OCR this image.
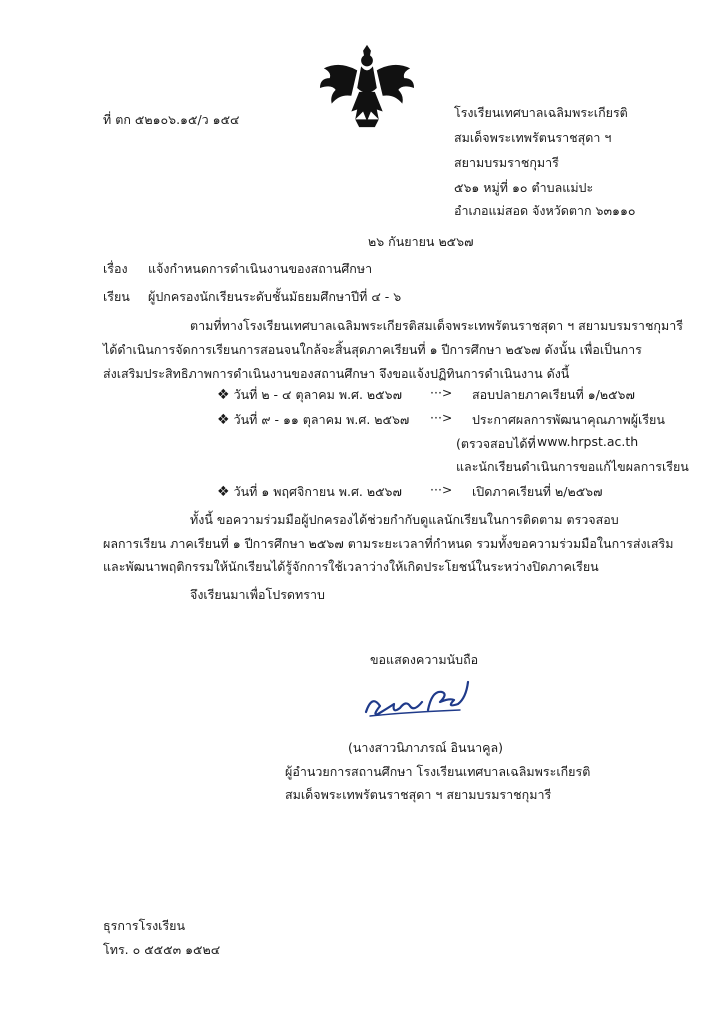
ที่ ตก ๕๒๑๐๖.๑๕/ว ๑๕๔	โรงเรียนเทศบาลเฉลิมพระเกียรติ
สมเด็จพระเทพรัตนราชสุดา ฯ
สยามบรมราชกุมารี
๕๖๑ หมู่ที่ ๑๐ ตำบลแม่ปะ
อำเภอแม่สอด จังหวัดตาก ๖๓๑๑๐
๒๖ กันยายน ๒๕๖๗
เรื่อง แจ้งกำหนดการดำเนินงานของสถานศึกษา
เรียน ผู้ปกครองนักเรียนระดับชั้นมัธยมศึกษาปีที่ ๔ - ๖
ตามที่ทางโรงเรียนเทศบาลเฉลิมพระเกียรติสมเด็จพระเทพรัตนราชสุดา ฯ สยามบรมราชกุมารี
ได้ดำเนินการจัดการเรียนการสอนจนใกล้จะสิ้นสุดภาคเรียนที่ ๑ ปีการศึกษา ๒๕๖๗ ดังนั้น เพื่อเป็นการ
ส่งเสริมประสิทธิภาพการดำเนินงานของสถานศึกษา จึงขอแจ้งปฏิทินการดำเนินงาน ดังนี้
❖ วันที่ ๒ - ๔ ตุลาคม พ.ศ. ๒๕๖๗ ···> สอบปลายภาคเรียนที่ ๑/๒๕๖๗
❖ วันที่ ๙ - ๑๑ ตุลาคม พ.ศ. ๒๕๖๗ ···> ประกาศผลการพัฒนาคุณภาพผู้เรียน
(ตรวจสอบได้ที่ www.hrpst.ac.th
และนักเรียนดำเนินการขอแก้ไขผลการเรียน
❖ วันที่ ๑ พฤศจิกายน พ.ศ. ๒๕๖๗ ···> เปิดภาคเรียนที่ ๒/๒๕๖๗
ทั้งนี้ ขอความร่วมมือผู้ปกครองได้ช่วยกำกับดูแลนักเรียนในการติดตาม ตรวจสอบ
ผลการเรียน ภาคเรียนที่ ๑ ปีการศึกษา ๒๕๖๗ ตามระยะเวลาที่กำหนด รวมทั้งขอความร่วมมือในการส่งเสริม
และพัฒนาพฤติกรรมให้นักเรียนได้รู้จักการใช้เวลาว่างให้เกิดประโยชน์ในระหว่างปิดภาคเรียน
จึงเรียนมาเพื่อโปรดทราบ
ขอแสดงความนับถือ
(นางสาวนิภาภรณ์ อินนาคูล)
ผู้อำนวยการสถานศึกษา โรงเรียนเทศบาลเฉลิมพระเกียรติ
สมเด็จพระเทพรัตนราชสุดา ฯ สยามบรมราชกุมารี
ธุรการโรงเรียน
โทร. ๐ ๕๕๕๓ ๑๕๒๔
